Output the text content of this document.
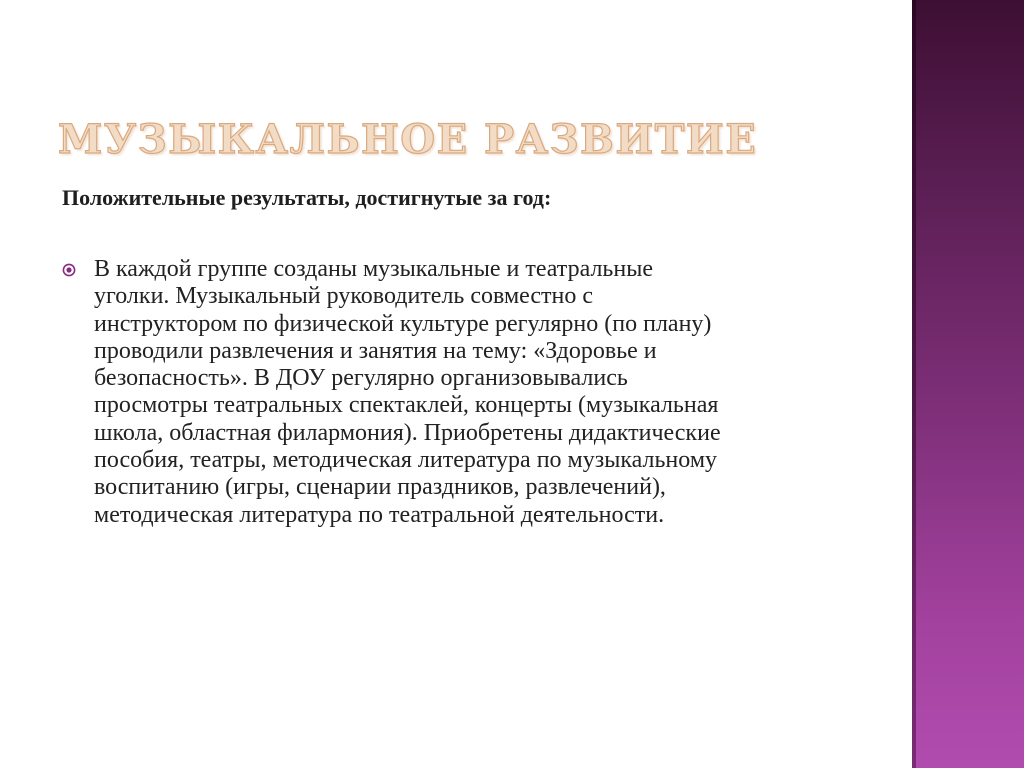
МУЗЫКАЛЬНОЕ РАЗВИТИЕ

Положительные результаты, достигнутые за год:

В каждой группе созданы музыкальные и театральные
уголки. Музыкальный руководитель совместно с
инструктором по физической культуре регулярно (по плану)
проводили развлечения и занятия на тему: «Здоровье и
безопасность». В ДОУ регулярно организовывались
просмотры театральных спектаклей, концерты (музыкальная
школа, областная филармония). Приобретены дидактические
пособия, театры, методическая литература по музыкальному
воспитанию (игры, сценарии праздников, развлечений),
методическая литература по театральной деятельности.
